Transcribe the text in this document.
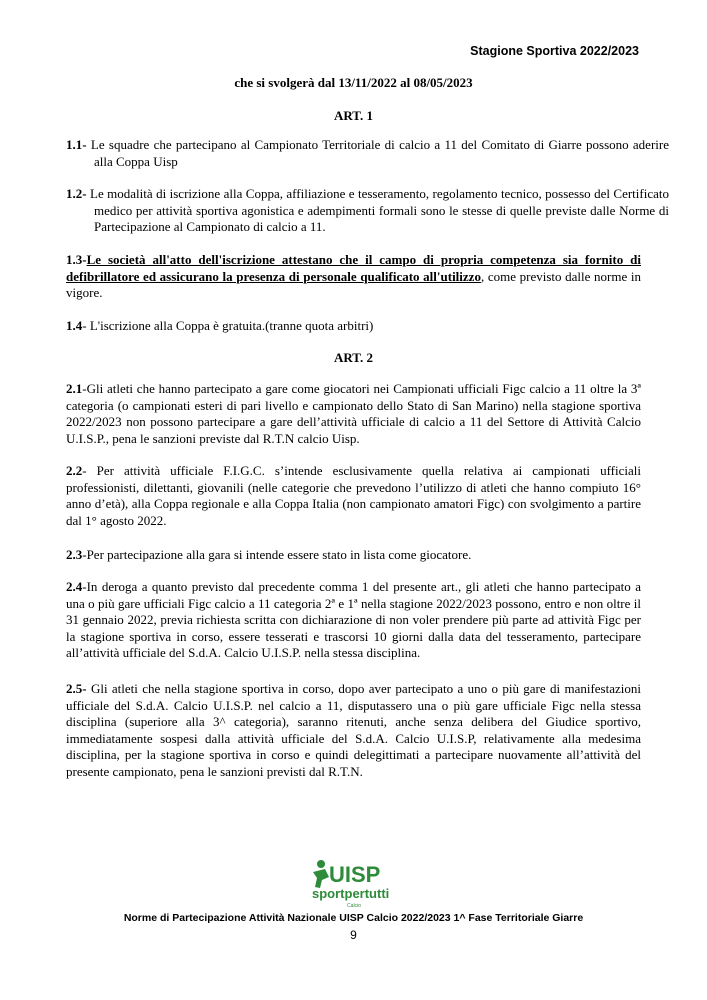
Stagione Sportiva 2022/2023
che si svolgerà dal 13/11/2022 al 08/05/2023
ART. 1
1.1- Le squadre che partecipano al Campionato Territoriale di calcio a 11 del Comitato di Giarre possono aderire alla Coppa Uisp
1.2- Le modalità di iscrizione alla Coppa, affiliazione e tesseramento, regolamento tecnico, possesso del Certificato medico per attività sportiva agonistica e adempimenti formali sono le stesse di quelle previste dalle Norme di Partecipazione al Campionato di calcio a 11.
1.3-Le società all'atto dell'iscrizione attestano che il campo di propria competenza sia fornito di defibrillatore ed assicurano la presenza di personale qualificato all'utilizzo, come previsto dalle norme in vigore.
1.4- L'iscrizione alla Coppa è gratuita.(tranne quota arbitri)
ART. 2
2.1-Gli atleti che hanno partecipato a gare come giocatori nei Campionati ufficiali Figc calcio a 11 oltre la 3ª categoria (o campionati esteri di pari livello e campionato dello Stato di San Marino) nella stagione sportiva 2022/2023 non possono partecipare a gare dell’attività ufficiale di calcio a 11 del Settore di Attività Calcio U.I.S.P., pena le sanzioni previste dal R.T.N calcio Uisp.
2.2- Per attività ufficiale F.I.G.C. s’intende esclusivamente quella relativa ai campionati ufficiali professionisti, dilettanti, giovanili (nelle categorie che prevedono l’utilizzo di atleti che hanno compiuto 16° anno d’età), alla Coppa regionale e alla Coppa Italia (non campionato amatori Figc) con svolgimento a partire dal 1° agosto 2022.
2.3-Per partecipazione alla gara si intende essere stato in lista come giocatore.
2.4-In deroga a quanto previsto dal precedente comma 1 del presente art., gli atleti che hanno partecipato a una o più gare ufficiali Figc calcio a 11 categoria 2ª e 1ª nella stagione 2022/2023 possono, entro e non oltre il 31 gennaio 2022, previa richiesta scritta con dichiarazione di non voler prendere più parte ad attività Figc per la stagione sportiva in corso, essere tesserati e trascorsi 10 giorni dalla data del tesseramento, partecipare all’attività ufficiale del S.d.A. Calcio U.I.S.P. nella stessa disciplina.
2.5- Gli atleti che nella stagione sportiva in corso, dopo aver partecipato a uno o più gare di manifestazioni ufficiale del S.d.A. Calcio U.I.S.P. nel calcio a 11, disputassero una o più gare ufficiale Figc nella stessa disciplina (superiore alla 3^ categoria), saranno ritenuti, anche senza delibera del Giudice sportivo, immediatamente sospesi dalla attività ufficiale del S.d.A. Calcio U.I.S.P, relativamente alla medesima disciplina, per la stagione sportiva in corso e quindi delegittimati a partecipare nuovamente all’attività del presente campionato, pena le sanzioni previsti dal R.T.N.
UISP
sportpertutti
Calcio
Norme di Partecipazione Attività Nazionale UISP Calcio 2022/2023 1^ Fase Territoriale Giarre
9
